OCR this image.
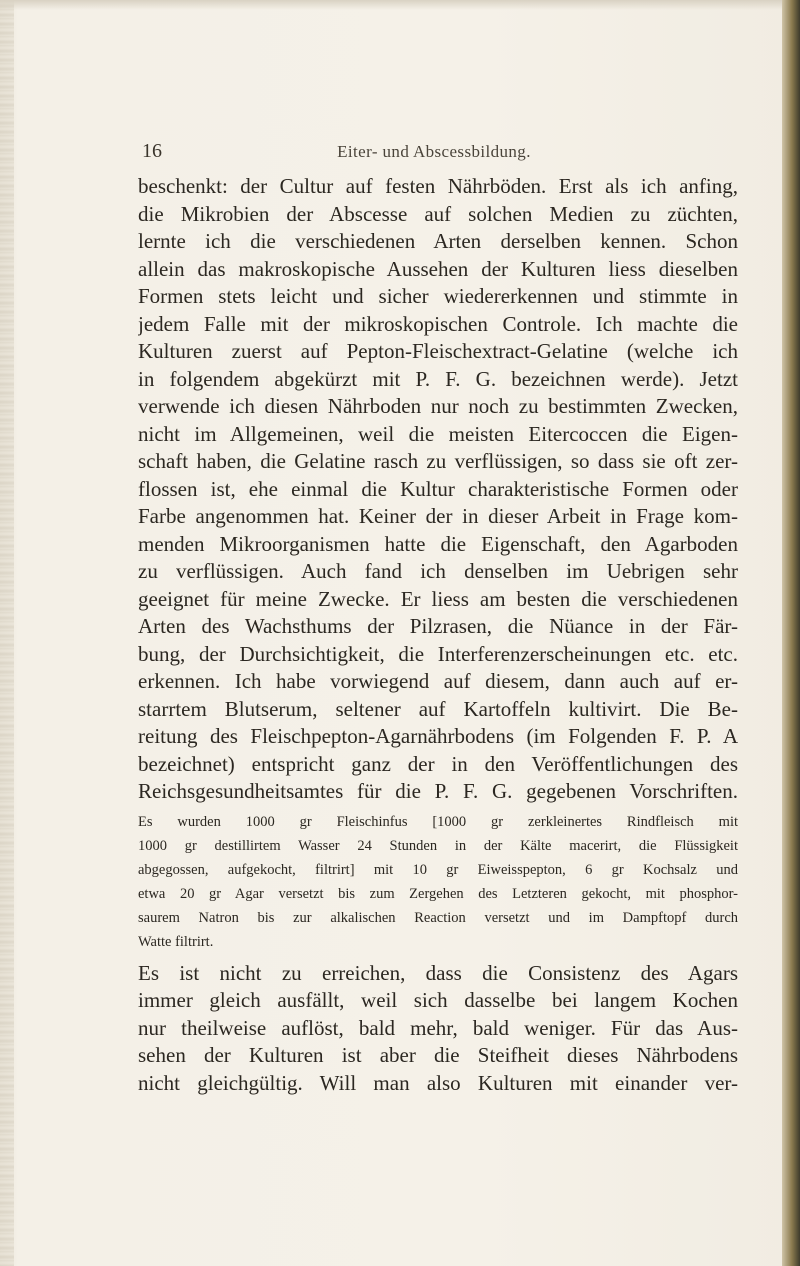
16	Eiter- und Abscessbildung.
beschenkt: der Cultur auf festen Nährböden. Erst als ich anfing,
die Mikrobien der Abscesse auf solchen Medien zu züchten,
lernte ich die verschiedenen Arten derselben kennen. Schon
allein das makroskopische Aussehen der Kulturen liess dieselben
Formen stets leicht und sicher wiedererkennen und stimmte in
jedem Falle mit der mikroskopischen Controle. Ich machte die
Kulturen zuerst auf Pepton-Fleischextract-Gelatine (welche ich
in folgendem abgekürzt mit P. F. G. bezeichnen werde). Jetzt
verwende ich diesen Nährboden nur noch zu bestimmten Zwecken,
nicht im Allgemeinen, weil die meisten Eitercoccen die Eigen-
schaft haben, die Gelatine rasch zu verflüssigen, so dass sie oft zer-
flossen ist, ehe einmal die Kultur charakteristische Formen oder
Farbe angenommen hat. Keiner der in dieser Arbeit in Frage kom-
menden Mikroorganismen hatte die Eigenschaft, den Agarboden
zu verflüssigen. Auch fand ich denselben im Uebrigen sehr
geeignet für meine Zwecke. Er liess am besten die verschiedenen
Arten des Wachsthums der Pilzrasen, die Nüance in der Fär-
bung, der Durchsichtigkeit, die Interferenzerscheinungen etc. etc.
erkennen. Ich habe vorwiegend auf diesem, dann auch auf er-
starrtem Blutserum, seltener auf Kartoffeln kultivirt. Die Be-
reitung des Fleischpepton-Agarnährbodens (im Folgenden F. P. A
bezeichnet) entspricht ganz der in den Veröffentlichungen des
Reichsgesundheitsamtes für die P. F. G. gegebenen Vorschriften.
Es wurden 1000 gr Fleischinfus [1000 gr zerkleinertes Rindfleisch mit
1000 gr destillirtem Wasser 24 Stunden in der Kälte macerirt, die Flüssigkeit
abgegossen, aufgekocht, filtrirt] mit 10 gr Eiweisspepton, 6 gr Kochsalz und
etwa 20 gr Agar versetzt bis zum Zergehen des Letzteren gekocht, mit phosphor-
saurem Natron bis zur alkalischen Reaction versetzt und im Dampftopf durch
Watte filtrirt.
Es ist nicht zu erreichen, dass die Consistenz des Agars
immer gleich ausfällt, weil sich dasselbe bei langem Kochen
nur theilweise auflöst, bald mehr, bald weniger. Für das Aus-
sehen der Kulturen ist aber die Steifheit dieses Nährbodens
nicht gleichgültig. Will man also Kulturen mit einander ver-
